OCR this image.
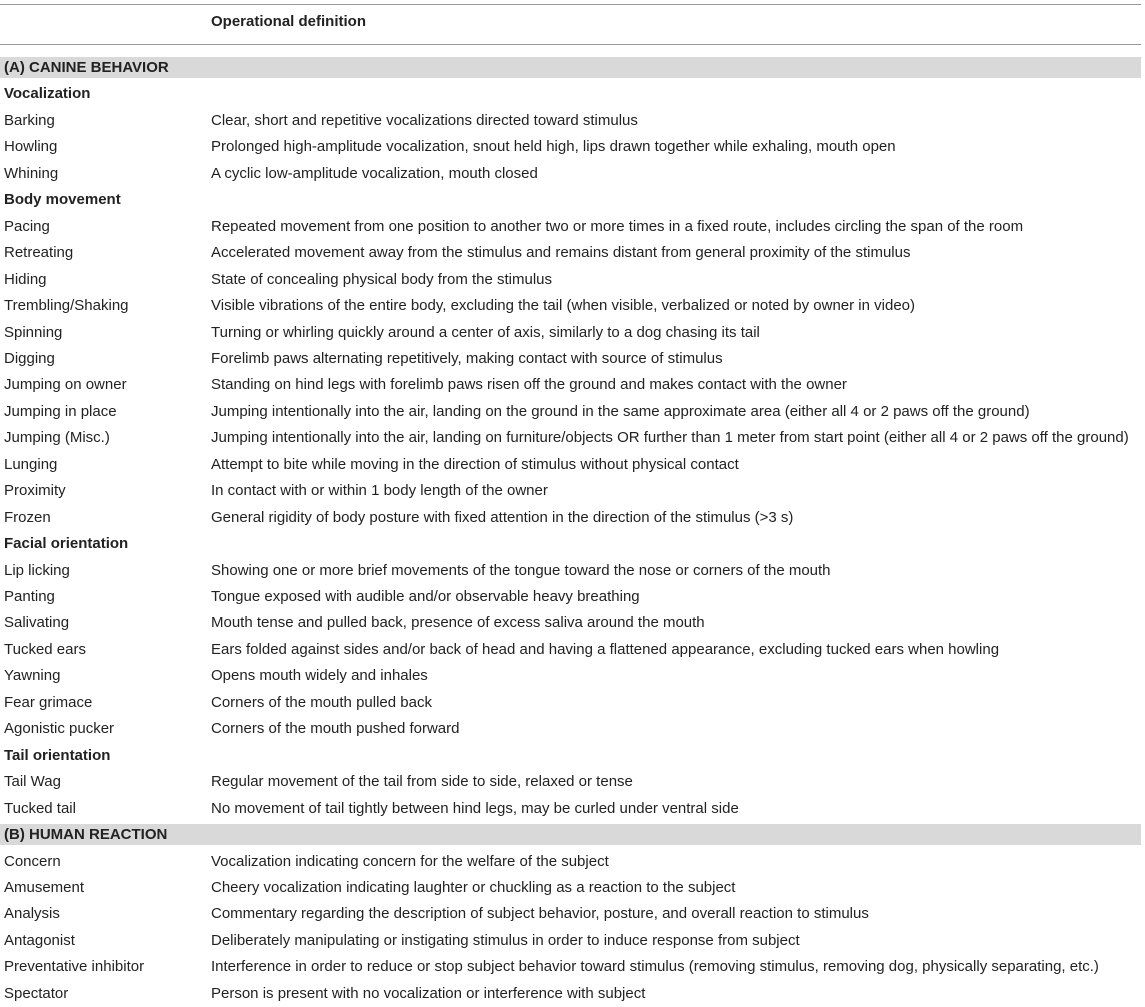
Operational definition
(A) CANINE BEHAVIOR
Vocalization
Barking	Clear, short and repetitive vocalizations directed toward stimulus
Howling	Prolonged high-amplitude vocalization, snout held high, lips drawn together while exhaling, mouth open
Whining	A cyclic low-amplitude vocalization, mouth closed
Body movement
Pacing	Repeated movement from one position to another two or more times in a fixed route, includes circling the span of the room
Retreating	Accelerated movement away from the stimulus and remains distant from general proximity of the stimulus
Hiding	State of concealing physical body from the stimulus
Trembling/Shaking	Visible vibrations of the entire body, excluding the tail (when visible, verbalized or noted by owner in video)
Spinning	Turning or whirling quickly around a center of axis, similarly to a dog chasing its tail
Digging	Forelimb paws alternating repetitively, making contact with source of stimulus
Jumping on owner	Standing on hind legs with forelimb paws risen off the ground and makes contact with the owner
Jumping in place	Jumping intentionally into the air, landing on the ground in the same approximate area (either all 4 or 2 paws off the ground)
Jumping (Misc.)	Jumping intentionally into the air, landing on furniture/objects OR further than 1 meter from start point (either all 4 or 2 paws off the ground)
Lunging	Attempt to bite while moving in the direction of stimulus without physical contact
Proximity	In contact with or within 1 body length of the owner
Frozen	General rigidity of body posture with fixed attention in the direction of the stimulus (>3 s)
Facial orientation
Lip licking	Showing one or more brief movements of the tongue toward the nose or corners of the mouth
Panting	Tongue exposed with audible and/or observable heavy breathing
Salivating	Mouth tense and pulled back, presence of excess saliva around the mouth
Tucked ears	Ears folded against sides and/or back of head and having a flattened appearance, excluding tucked ears when howling
Yawning	Opens mouth widely and inhales
Fear grimace	Corners of the mouth pulled back
Agonistic pucker	Corners of the mouth pushed forward
Tail orientation
Tail Wag	Regular movement of the tail from side to side, relaxed or tense
Tucked tail	No movement of tail tightly between hind legs, may be curled under ventral side
(B) HUMAN REACTION
Concern	Vocalization indicating concern for the welfare of the subject
Amusement	Cheery vocalization indicating laughter or chuckling as a reaction to the subject
Analysis	Commentary regarding the description of subject behavior, posture, and overall reaction to stimulus
Antagonist	Deliberately manipulating or instigating stimulus in order to induce response from subject
Preventative inhibitor	Interference in order to reduce or stop subject behavior toward stimulus (removing stimulus, removing dog, physically separating, etc.)
Spectator	Person is present with no vocalization or interference with subject
